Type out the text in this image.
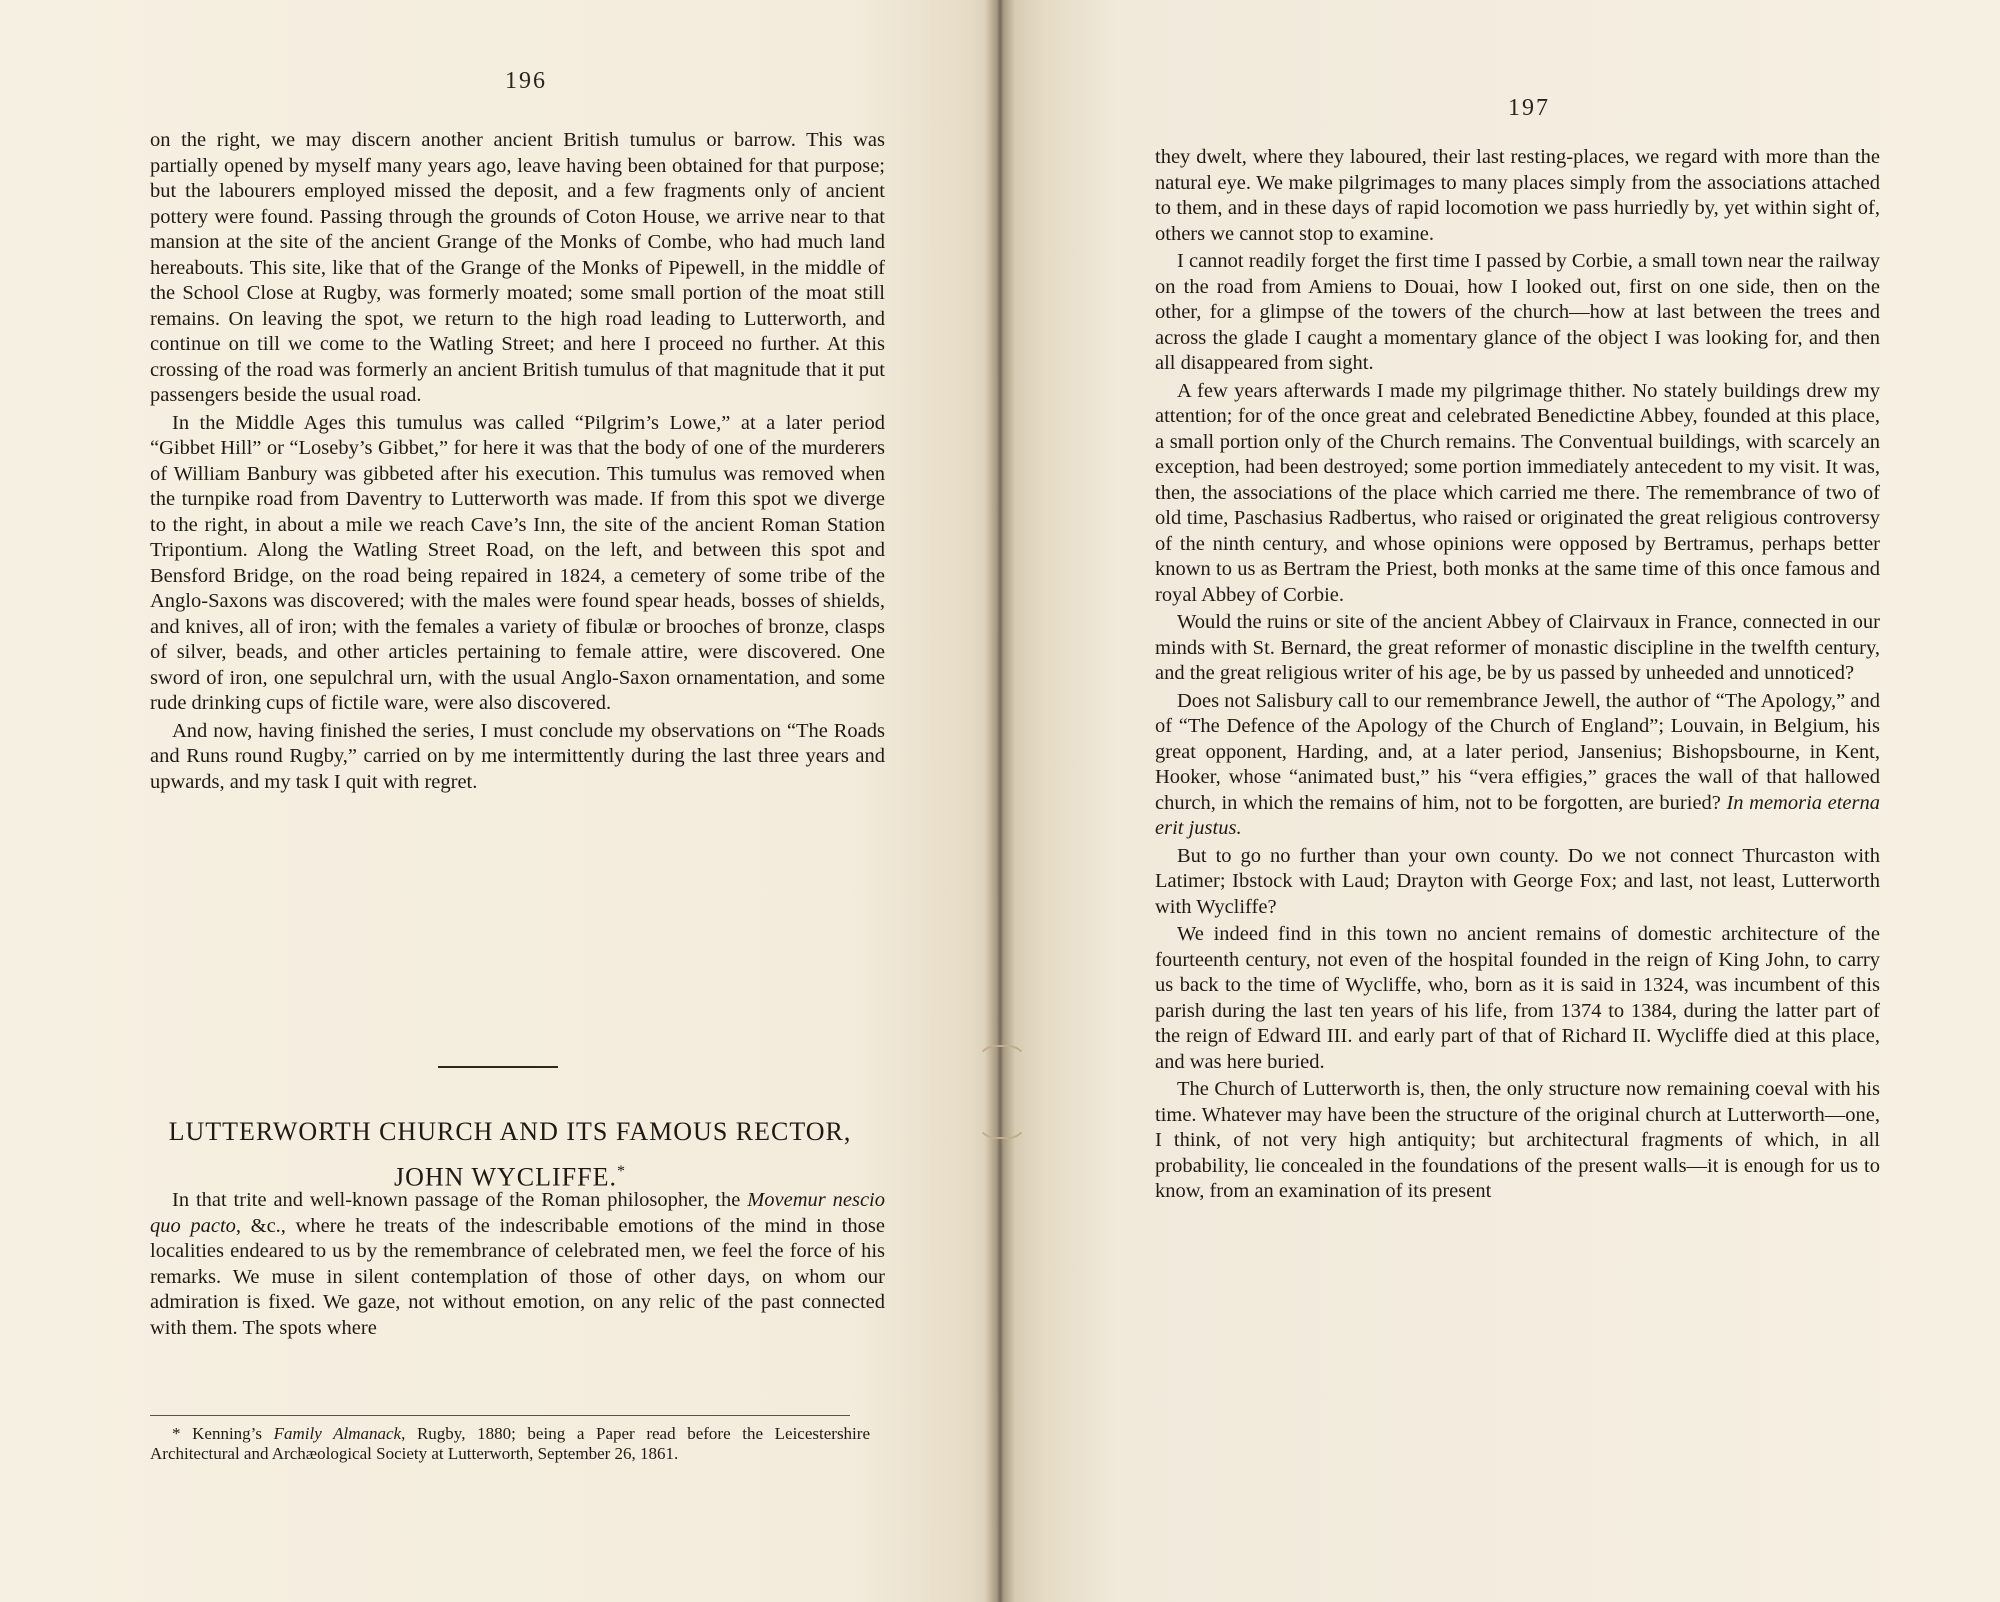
196

on the right, we may discern another ancient British tumulus or barrow. This was partially opened by myself many years ago, leave having been obtained for that purpose; but the labourers employed missed the deposit, and a few fragments only of ancient pottery were found. Passing through the grounds of Coton House, we arrive near to that mansion at the site of the ancient Grange of the Monks of Combe, who had much land hereabouts. This site, like that of the Grange of the Monks of Pipewell, in the middle of the School Close at Rugby, was formerly moated; some small portion of the moat still remains. On leaving the spot, we return to the high road leading to Lutterworth, and continue on till we come to the Watling Street; and here I proceed no further. At this crossing of the road was formerly an ancient British tumulus of that magnitude that it put passengers beside the usual road.

In the Middle Ages this tumulus was called “Pilgrim’s Lowe,” at a later period “Gibbet Hill” or “Loseby’s Gibbet,” for here it was that the body of one of the murderers of William Banbury was gibbeted after his execution. This tumulus was removed when the turnpike road from Daventry to Lutterworth was made. If from this spot we diverge to the right, in about a mile we reach Cave’s Inn, the site of the ancient Roman Station Tripontium. Along the Watling Street Road, on the left, and between this spot and Bensford Bridge, on the road being repaired in 1824, a cemetery of some tribe of the Anglo-Saxons was discovered; with the males were found spear heads, bosses of shields, and knives, all of iron; with the females a variety of fibulæ or brooches of bronze, clasps of silver, beads, and other articles pertaining to female attire, were discovered. One sword of iron, one sepulchral urn, with the usual Anglo-Saxon ornamentation, and some rude drinking cups of fictile ware, were also discovered.

And now, having finished the series, I must conclude my observations on “The Roads and Runs round Rugby,” carried on by me intermittently during the last three years and upwards, and my task I quit with regret.

LUTTERWORTH CHURCH AND ITS FAMOUS RECTOR,
JOHN WYCLIFFE.*

In that trite and well-known passage of the Roman philosopher, the Movemur nescio quo pacto, &c., where he treats of the indescribable emotions of the mind in those localities endeared to us by the remembrance of celebrated men, we feel the force of his remarks. We muse in silent contemplation of those of other days, on whom our admiration is fixed. We gaze, not without emotion, on any relic of the past connected with them. The spots where

* Kenning’s Family Almanack, Rugby, 1880; being a Paper read before the Leicestershire Architectural and Archæological Society at Lutterworth, September 26, 1861.
197

they dwelt, where they laboured, their last resting-places, we regard with more than the natural eye. We make pilgrimages to many places simply from the associations attached to them, and in these days of rapid locomotion we pass hurriedly by, yet within sight of, others we cannot stop to examine.

I cannot readily forget the first time I passed by Corbie, a small town near the railway on the road from Amiens to Douai, how I looked out, first on one side, then on the other, for a glimpse of the towers of the church—how at last between the trees and across the glade I caught a momentary glance of the object I was looking for, and then all disappeared from sight.

A few years afterwards I made my pilgrimage thither. No stately buildings drew my attention; for of the once great and celebrated Benedictine Abbey, founded at this place, a small portion only of the Church remains. The Conventual buildings, with scarcely an exception, had been destroyed; some portion immediately antecedent to my visit. It was, then, the associations of the place which carried me there. The remembrance of two of old time, Paschasius Radbertus, who raised or originated the great religious controversy of the ninth century, and whose opinions were opposed by Bertramus, perhaps better known to us as Bertram the Priest, both monks at the same time of this once famous and royal Abbey of Corbie.

Would the ruins or site of the ancient Abbey of Clairvaux in France, connected in our minds with St. Bernard, the great reformer of monastic discipline in the twelfth century, and the great religious writer of his age, be by us passed by unheeded and unnoticed?

Does not Salisbury call to our remembrance Jewell, the author of “The Apology,” and of “The Defence of the Apology of the Church of England”; Louvain, in Belgium, his great opponent, Harding, and, at a later period, Jansenius; Bishopsbourne, in Kent, Hooker, whose “animated bust,” his “vera effigies,” graces the wall of that hallowed church, in which the remains of him, not to be forgotten, are buried? In memoria eterna erit justus.

But to go no further than your own county. Do we not connect Thurcaston with Latimer; Ibstock with Laud; Drayton with George Fox; and last, not least, Lutterworth with Wycliffe?

We indeed find in this town no ancient remains of domestic architecture of the fourteenth century, not even of the hospital founded in the reign of King John, to carry us back to the time of Wycliffe, who, born as it is said in 1324, was incumbent of this parish during the last ten years of his life, from 1374 to 1384, during the latter part of the reign of Edward III. and early part of that of Richard II. Wycliffe died at this place, and was here buried.

The Church of Lutterworth is, then, the only structure now remaining coeval with his time. Whatever may have been the structure of the original church at Lutterworth—one, I think, of not very high antiquity; but architectural fragments of which, in all probability, lie concealed in the foundations of the present walls—it is enough for us to know, from an examination of its present
